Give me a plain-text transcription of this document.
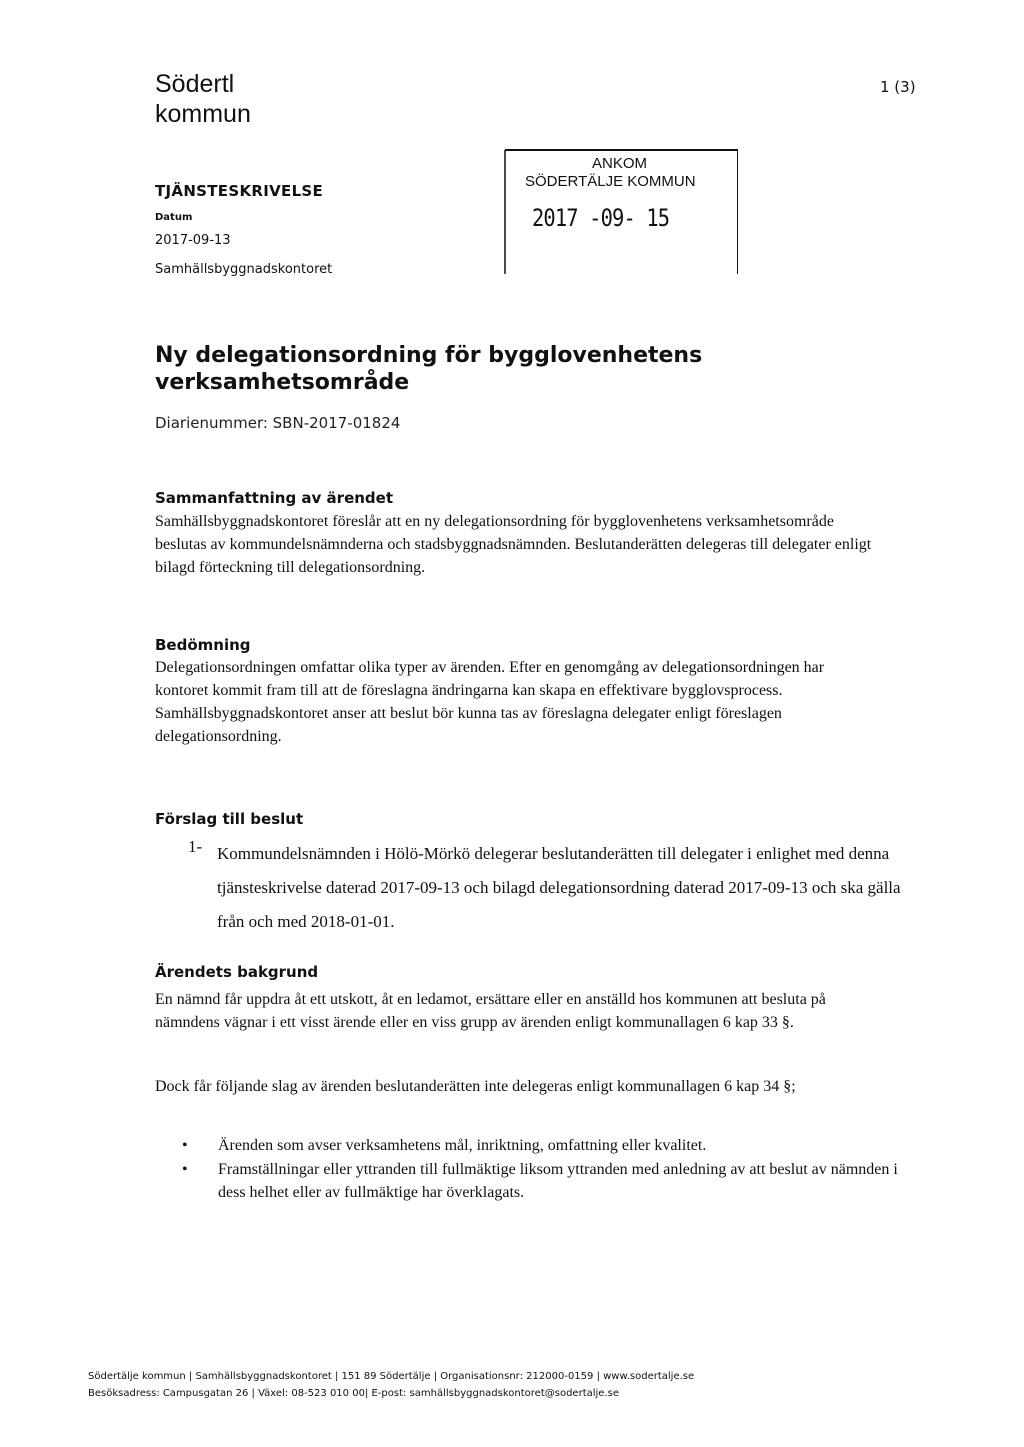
Södertl
kommun
1 (3)
TJÄNSTESKRIVELSE
Datum
2017-09-13
Samhällsbyggnadskontoret
ANKOM
SÖDERTÄLJE KOMMUN
2017 -09- 15
Ny delegationsordning för bygglovenhetens verksamhetsområde
Diarienummer: SBN-2017-01824
Sammanfattning av ärendet
Samhällsbyggnadskontoret föreslår att en ny delegationsordning för bygglovenhetens verksamhetsområde beslutas av kommundelsnämnderna och stadsbyggnadsnämnden. Beslutanderätten delegeras till delegater enligt bilagd förteckning till delegationsordning.
Bedömning
Delegationsordningen omfattar olika typer av ärenden. Efter en genomgång av delegationsordningen har kontoret kommit fram till att de föreslagna ändringarna kan skapa en effektivare bygglovsprocess. Samhällsbyggnadskontoret anser att beslut bör kunna tas av föreslagna delegater enligt föreslagen delegationsordning.
Förslag till beslut
1- Kommundelsnämnden i Hölö-Mörkö delegerar beslutanderätten till delegater i enlighet med denna tjänsteskrivelse daterad 2017-09-13 och bilagd delegationsordning daterad 2017-09-13 och ska gälla från och med 2018-01-01.
Ärendets bakgrund
En nämnd får uppdra åt ett utskott, åt en ledamot, ersättare eller en anställd hos kommunen att besluta på nämndens vägnar i ett visst ärende eller en viss grupp av ärenden enligt kommunallagen 6 kap 33 §.
Dock får följande slag av ärenden beslutanderätten inte delegeras enligt kommunallagen 6 kap 34 §;
• Ärenden som avser verksamhetens mål, inriktning, omfattning eller kvalitet.
• Framställningar eller yttranden till fullmäktige liksom yttranden med anledning av att beslut av nämnden i dess helhet eller av fullmäktige har överklagats.
Södertälje kommun | Samhällsbyggnadskontoret | 151 89 Södertälje | Organisationsnr: 212000-0159 | www.sodertalje.se
Besöksadress: Campusgatan 26 | Växel: 08-523 010 00| E-post: samhällsbyggnadskontoret@sodertalje.se
